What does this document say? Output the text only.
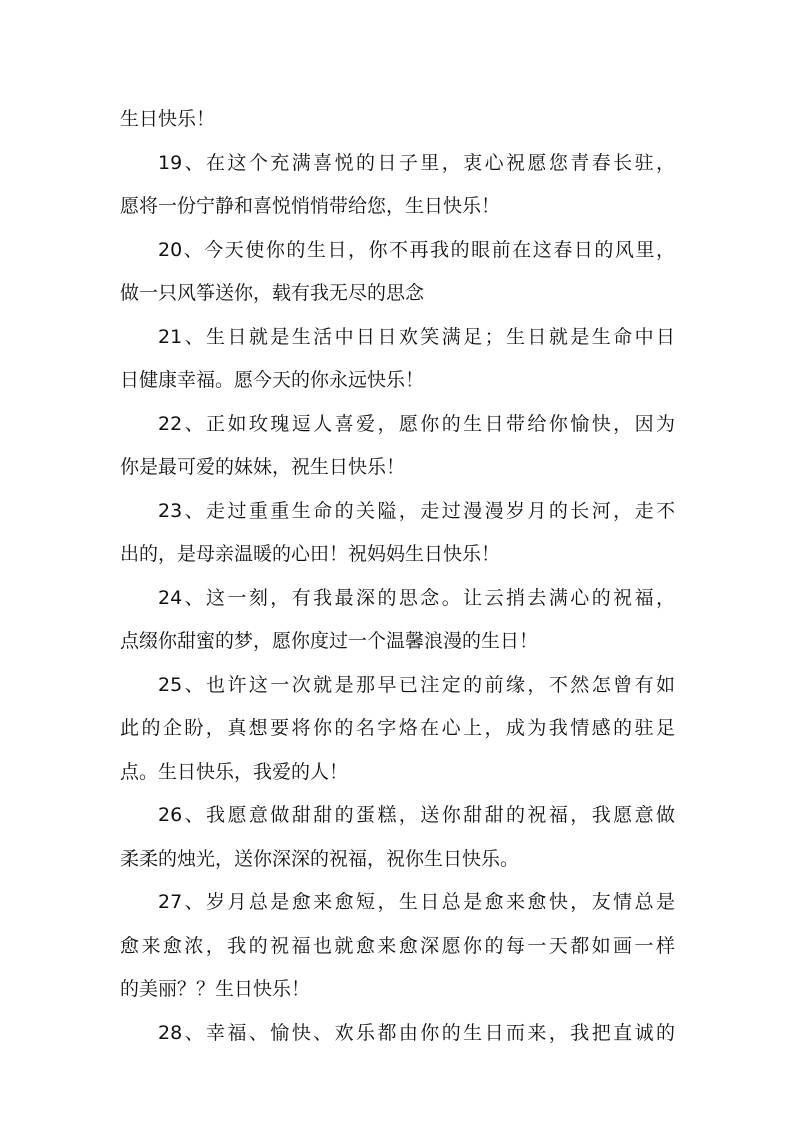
生日快乐！
19、在这个充满喜悦的日子里，衷心祝愿您青春长驻，
愿将一份宁静和喜悦悄悄带给您，生日快乐！
20、今天使你的生日，你不再我的眼前在这春日的风里，
做一只风筝送你，载有我无尽的思念
21、生日就是生活中日日欢笑满足；生日就是生命中日
日健康幸福。愿今天的你永远快乐！
22、正如玫瑰逗人喜爱，愿你的生日带给你愉快，因为
你是最可爱的妹妹，祝生日快乐！
23、走过重重生命的关隘，走过漫漫岁月的长河，走不
出的，是母亲温暖的心田！祝妈妈生日快乐！
24、这一刻，有我最深的思念。让云捎去满心的祝福，
点缀你甜蜜的梦，愿你度过一个温馨浪漫的生日！
25、也许这一次就是那早已注定的前缘，不然怎曾有如
此的企盼，真想要将你的名字烙在心上，成为我情感的驻足
点。生日快乐，我爱的人！
26、我愿意做甜甜的蛋糕，送你甜甜的祝福，我愿意做
柔柔的烛光，送你深深的祝福，祝你生日快乐。
27、岁月总是愈来愈短，生日总是愈来愈快，友情总是
愈来愈浓，我的祝福也就愈来愈深愿你的每一天都如画一样
的美丽？？生日快乐！
28、幸福、愉快、欢乐都由你的生日而来，我把直诚的
